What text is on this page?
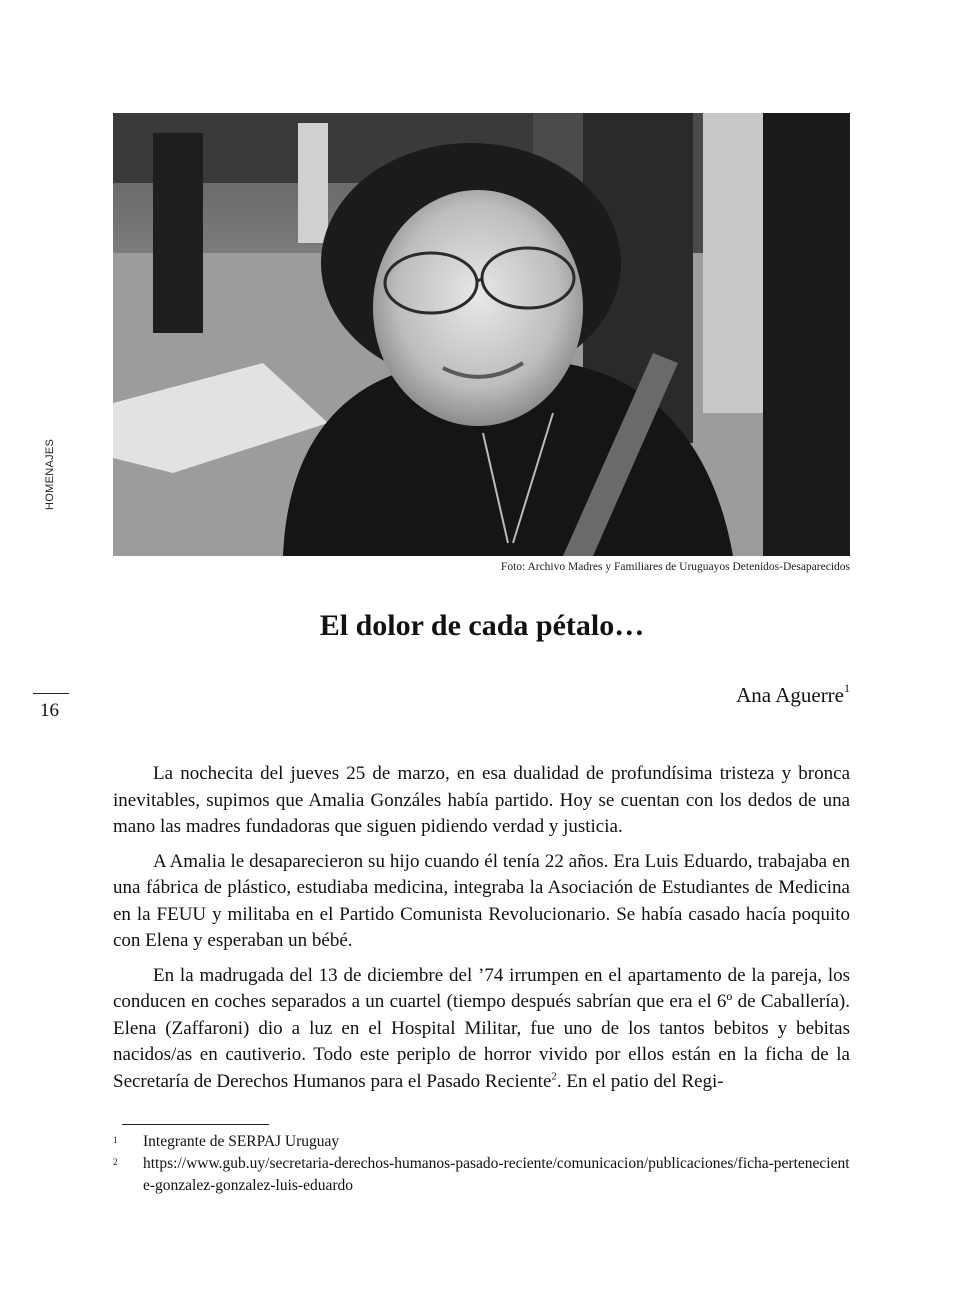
HOMENAJES
16
Foto: Archivo Madres y Familiares de Uruguayos Detenidos-Desaparecidos
El dolor de cada pétalo…
Ana Aguerre$^1$

La nochecita del jueves 25 de marzo, en esa dualidad de profundísima tristeza y bronca inevitables, supimos que Amalia Gonzáles había partido. Hoy se cuentan con los dedos de una mano las madres fundadoras que siguen pidiendo verdad y justicia.

A Amalia le desaparecieron su hijo cuando él tenía 22 años. Era Luis Eduardo, trabajaba en una fábrica de plástico, estudiaba medicina, integraba la Asociación de Estudiantes de Medicina en la FEUU y militaba en el Partido Comunista Revolucionario. Se había casado hacía poquito con Elena y esperaban un bébé.

En la madrugada del 13 de diciembre del ’74 irrumpen en el apartamento de la pareja, los conducen en coches separados a un cuartel (tiempo después sabrían que era el 6º de Caballería). Elena (Zaffaroni) dio a luz en el Hospital Militar, fue uno de los tantos bebitos y bebitas nacidos/as en cautiverio. Todo este periplo de horror vivido por ellos están en la ficha de la Secretaría de Derechos Humanos para el Pasado Reciente$^2$. En el patio del Regi-

1	Integrante de SERPAJ Uruguay
2	https://www.gub.uy/secretaria-derechos-humanos-pasado-reciente/comunicacion/publicaciones/ficha-perteneciente-gonzalez-gonzalez-luis-eduardo
